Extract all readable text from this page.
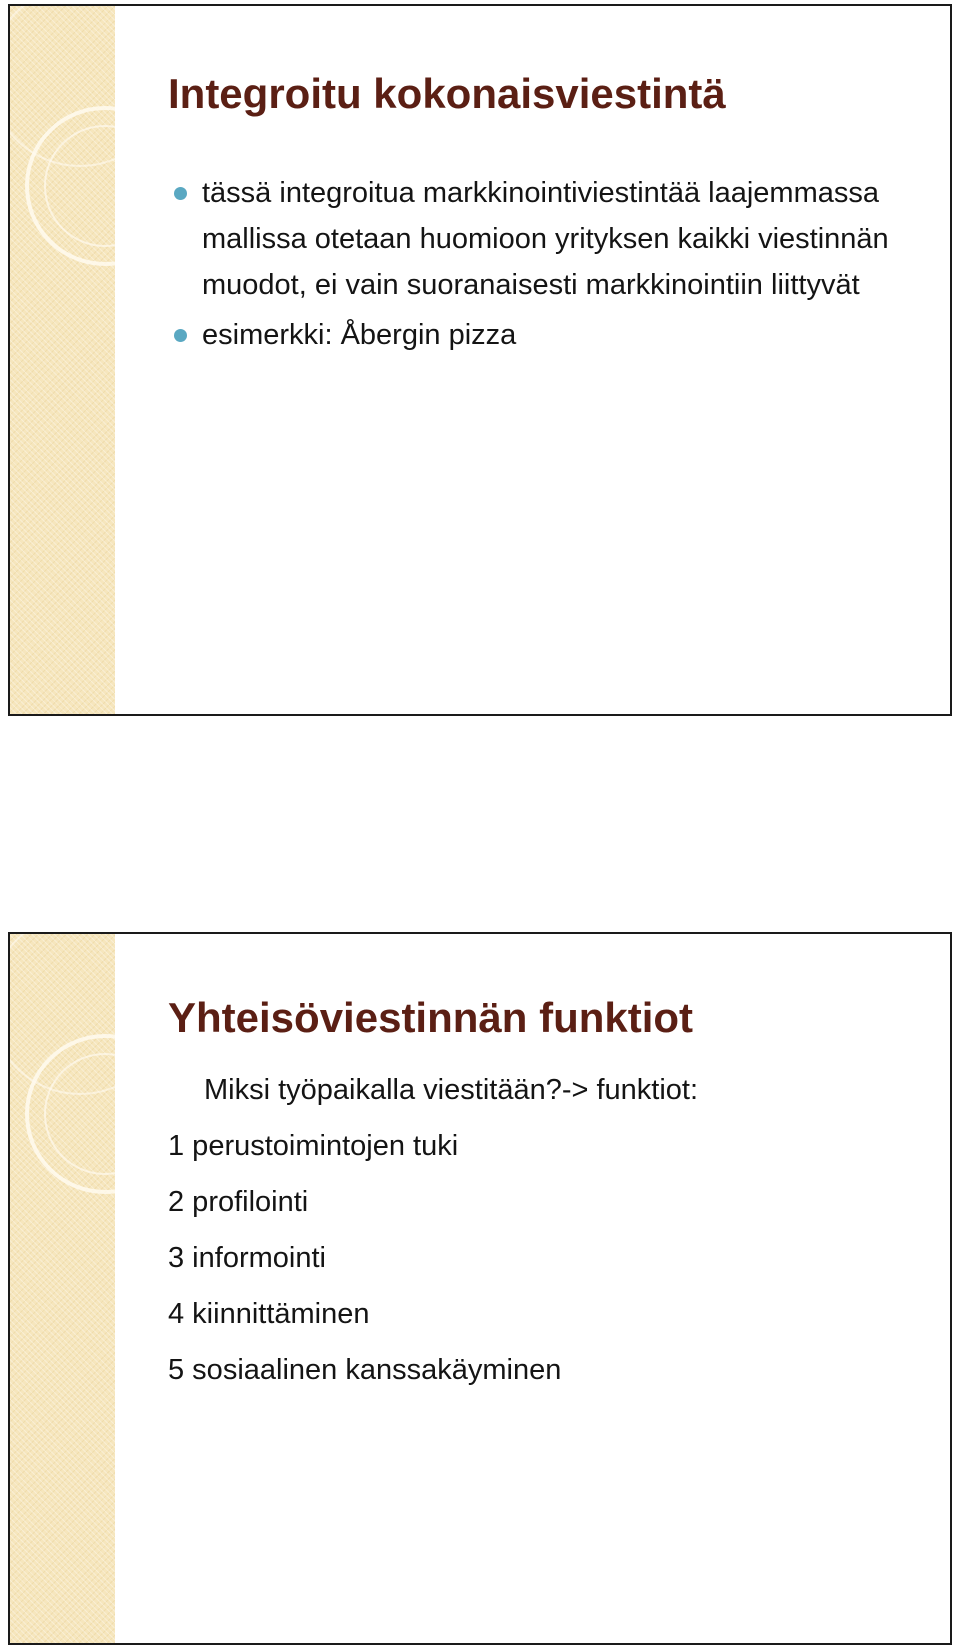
Integroitu kokonaisviestintä
tässä integroitua markkinointiviestintää laajemmassa mallissa otetaan huomioon yrityksen kaikki viestinnän muodot, ei vain suoranaisesti markkinointiin liittyvät
esimerkki: Åbergin pizza
Yhteisöviestinnän funktiot
Miksi työpaikalla viestitään?-> funktiot:
1 perustoimintojen tuki
2 profilointi
3 informointi
4 kiinnittäminen
5 sosiaalinen kanssakäyminen
